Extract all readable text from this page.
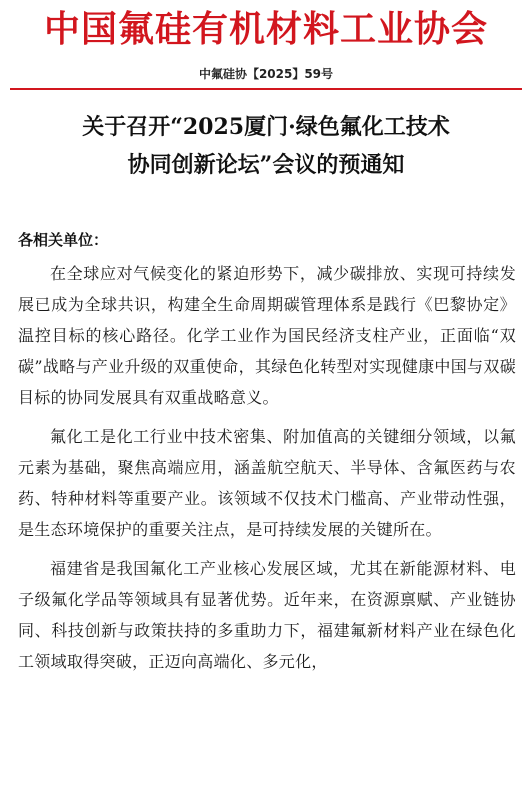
中国氟硅有机材料工业协会
中氟硅协【2025】59号
关于召开“2025厦门·绿色氟化工技术
协同创新论坛”会议的预通知
各相关单位：

在全球应对气候变化的紧迫形势下，减少碳排放、实现可持续发展已成为全球共识，构建全生命周期碳管理体系是践行《巴黎协定》温控目标的核心路径。化学工业作为国民经济支柱产业，正面临“双碳”战略与产业升级的双重使命，其绿色化转型对实现健康中国与双碳目标的协同发展具有双重战略意义。

氟化工是化工行业中技术密集、附加值高的关键细分领域，以氟元素为基础，聚焦高端应用，涵盖航空航天、半导体、含氟医药与农药、特种材料等重要产业。该领域不仅技术门槛高、产业带动性强，是生态环境保护的重要关注点，是可持续发展的关键所在。

福建省是我国氟化工产业核心发展区域，尤其在新能源材料、电子级氟化学品等领域具有显著优势。近年来，在资源禀赋、产业链协同、科技创新与政策扶持的多重助力下，福建氟新材料产业在绿色化工领域取得突破，正迈向高端化、多元化，
